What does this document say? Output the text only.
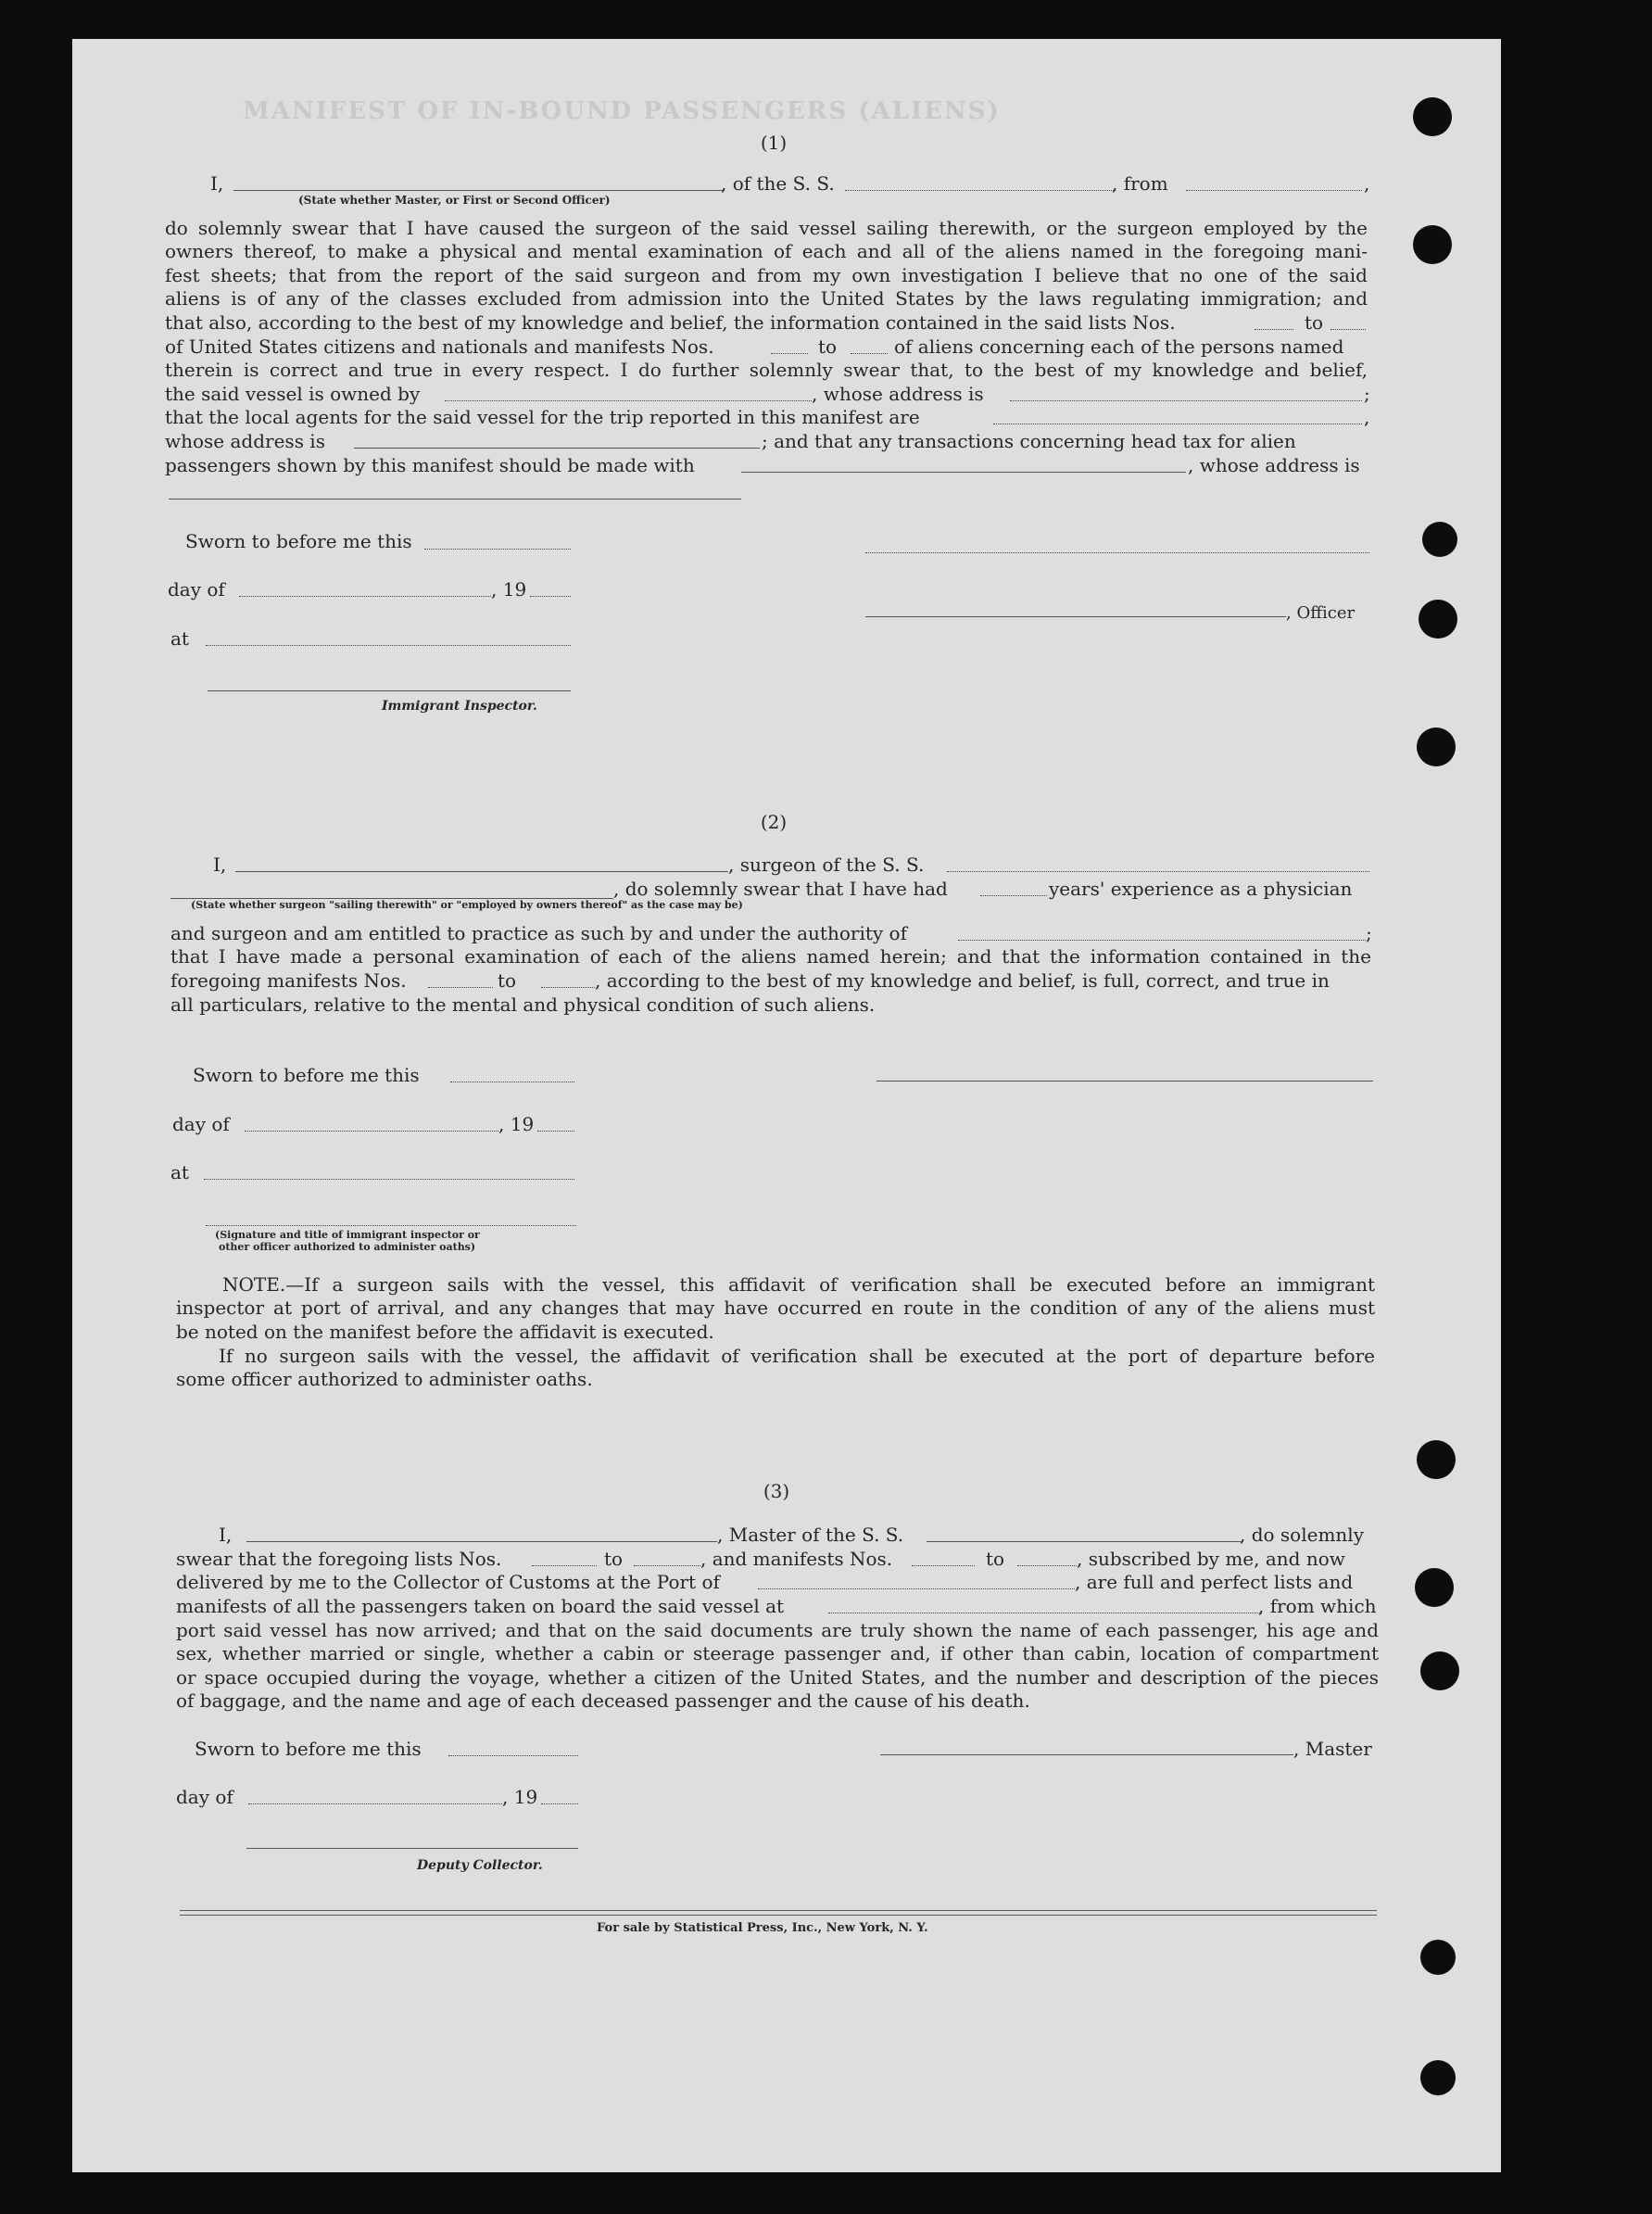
MANIFEST OF IN-BOUND PASSENGERS (ALIENS)
(1)
I,	, of the S. S.	, from	,
(State whether Master, or First or Second Officer)
do solemnly swear that I have caused the surgeon of the said vessel sailing therewith, or the surgeon employed by the
owners thereof, to make a physical and mental examination of each and all of the aliens named in the foregoing mani-
fest sheets; that from the report of the said surgeon and from my own investigation I believe that no one of the said
aliens is of any of the classes excluded from admission into the United States by the laws regulating immigration; and
that also, according to the best of my knowledge and belief, the information contained in the said lists Nos.	to
of United States citizens and nationals and manifests Nos.	to	of aliens concerning each of the persons named
therein is correct and true in every respect. I do further solemnly swear that, to the best of my knowledge and belief,
the said vessel is owned by	, whose address is	;
that the local agents for the said vessel for the trip reported in this manifest are	,
whose address is	; and that any transactions concerning head tax for alien
passengers shown by this manifest should be made with	, whose address is
Sworn to before me this
day of	, 19
at
Immigrant Inspector.
, Officer
(2)
I,	, surgeon of the S. S.
, do solemnly swear that I have had	years' experience as a physician
(State whether surgeon "sailing therewith" or "employed by owners thereof" as the case may be)
and surgeon and am entitled to practice as such by and under the authority of	;
that I have made a personal examination of each of the aliens named herein; and that the information contained in the
foregoing manifests Nos.	to	, according to the best of my knowledge and belief, is full, correct, and true in
all particulars, relative to the mental and physical condition of such aliens.
Sworn to before me this
day of	, 19
at
(Signature and title of immigrant inspector or
other officer authorized to administer oaths)
NOTE.—If a surgeon sails with the vessel, this affidavit of verification shall be executed before an immigrant
inspector at port of arrival, and any changes that may have occurred en route in the condition of any of the aliens must
be noted on the manifest before the affidavit is executed.
If no surgeon sails with the vessel, the affidavit of verification shall be executed at the port of departure before
some officer authorized to administer oaths.
(3)
I,	, Master of the S. S.	, do solemnly
swear that the foregoing lists Nos.	to	, and manifests Nos.	to	, subscribed by me, and now
delivered by me to the Collector of Customs at the Port of	, are full and perfect lists and
manifests of all the passengers taken on board the said vessel at	, from which
port said vessel has now arrived; and that on the said documents are truly shown the name of each passenger, his age and
sex, whether married or single, whether a cabin or steerage passenger and, if other than cabin, location of compartment
or space occupied during the voyage, whether a citizen of the United States, and the number and description of the pieces
of baggage, and the name and age of each deceased passenger and the cause of his death.
Sworn to before me this
day of	, 19
Deputy Collector.
, Master
For sale by Statistical Press, Inc., New York, N. Y.
